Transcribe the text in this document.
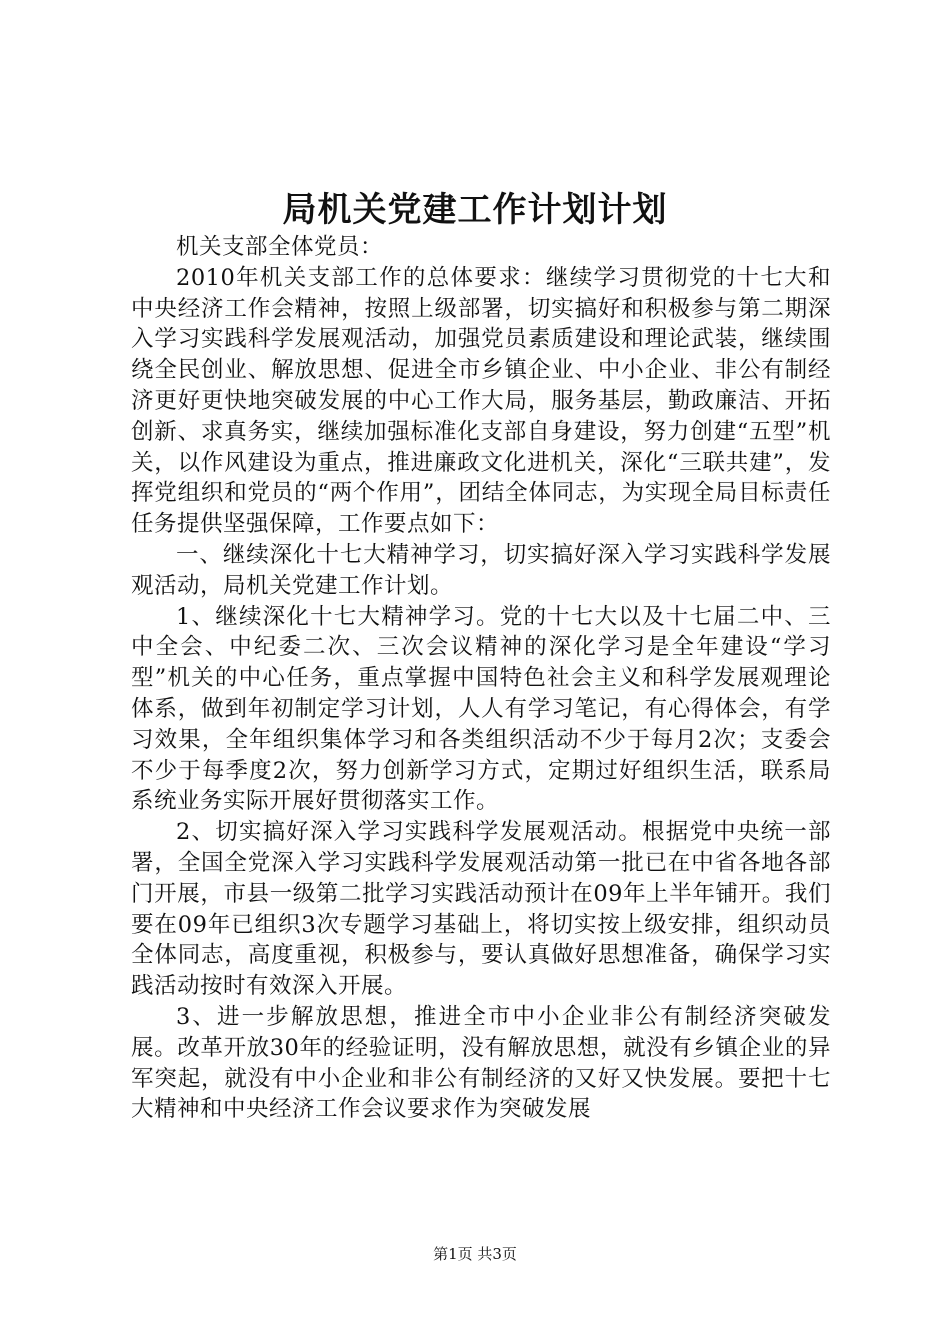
局机关党建工作计划计划

机关支部全体党员：

2010年机关支部工作的总体要求：继续学习贯彻党的十七大和中央经济工作会精神，按照上级部署，切实搞好和积极参与第二期深入学习实践科学发展观活动，加强党员素质建设和理论武装，继续围绕全民创业、解放思想、促进全市乡镇企业、中小企业、非公有制经济更好更快地突破发展的中心工作大局，服务基层，勤政廉洁、开拓创新、求真务实，继续加强标准化支部自身建设，努力创建“五型”机关，以作风建设为重点，推进廉政文化进机关，深化“三联共建”，发挥党组织和党员的“两个作用”，团结全体同志，为实现全局目标责任任务提供坚强保障，工作要点如下：

一、继续深化十七大精神学习，切实搞好深入学习实践科学发展观活动，局机关党建工作计划。

1、继续深化十七大精神学习。党的十七大以及十七届二中、三中全会、中纪委二次、三次会议精神的深化学习是全年建设“学习型”机关的中心任务，重点掌握中国特色社会主义和科学发展观理论体系，做到年初制定学习计划，人人有学习笔记，有心得体会，有学习效果，全年组织集体学习和各类组织活动不少于每月2次；支委会不少于每季度2次，努力创新学习方式，定期过好组织生活，联系局系统业务实际开展好贯彻落实工作。

2、切实搞好深入学习实践科学发展观活动。根据党中央统一部署，全国全党深入学习实践科学发展观活动第一批已在中省各地各部门开展，市县一级第二批学习实践活动预计在09年上半年铺开。我们要在09年已组织3次专题学习基础上，将切实按上级安排，组织动员全体同志，高度重视，积极参与，要认真做好思想准备，确保学习实践活动按时有效深入开展。

3、进一步解放思想，推进全市中小企业非公有制经济突破发展。改革开放30年的经验证明，没有解放思想，就没有乡镇企业的异军突起，就没有中小企业和非公有制经济的又好又快发展。要把十七大精神和中央经济工作会议要求作为突破发展

第1页 共3页
